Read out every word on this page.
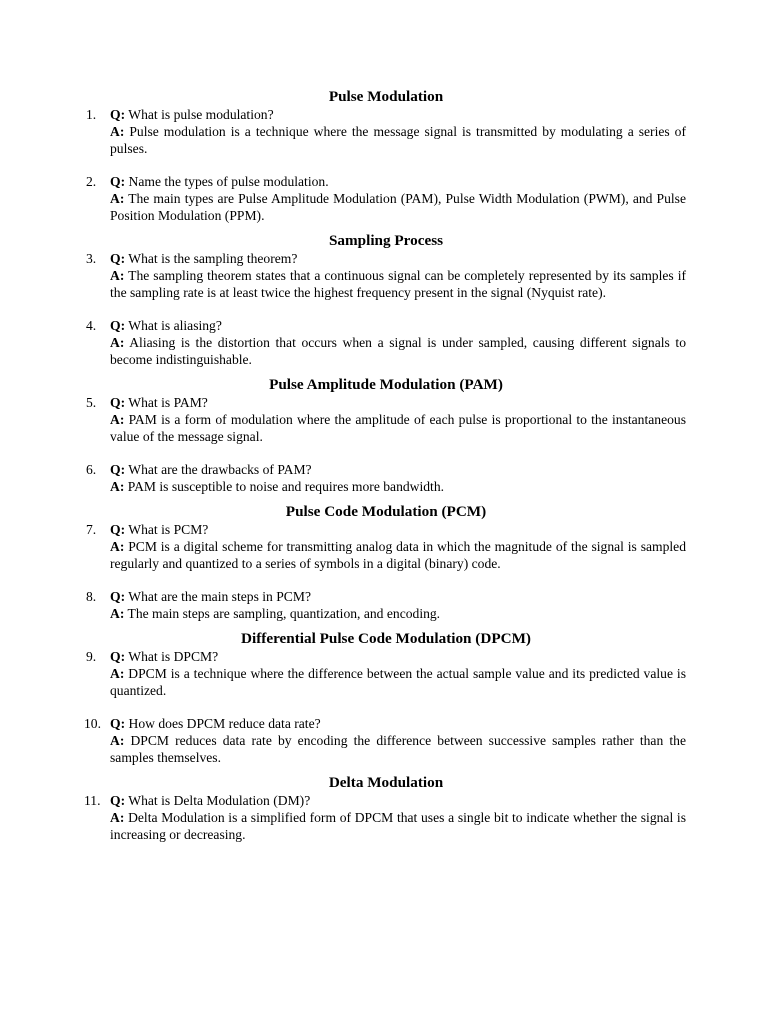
Pulse Modulation
1.	Q: What is pulse modulation?
A: Pulse modulation is a technique where the message signal is transmitted by modulating a series of pulses.
2.	Q: Name the types of pulse modulation.
A: The main types are Pulse Amplitude Modulation (PAM), Pulse Width Modulation (PWM), and Pulse Position Modulation (PPM).
Sampling Process
3.	Q: What is the sampling theorem?
A: The sampling theorem states that a continuous signal can be completely represented by its samples if the sampling rate is at least twice the highest frequency present in the signal (Nyquist rate).
4.	Q: What is aliasing?
A: Aliasing is the distortion that occurs when a signal is under sampled, causing different signals to become indistinguishable.
Pulse Amplitude Modulation (PAM)
5.	Q: What is PAM?
A: PAM is a form of modulation where the amplitude of each pulse is proportional to the instantaneous value of the message signal.
6.	Q: What are the drawbacks of PAM?
A: PAM is susceptible to noise and requires more bandwidth.
Pulse Code Modulation (PCM)
7.	Q: What is PCM?
A: PCM is a digital scheme for transmitting analog data in which the magnitude of the signal is sampled regularly and quantized to a series of symbols in a digital (binary) code.
8.	Q: What are the main steps in PCM?
A: The main steps are sampling, quantization, and encoding.
Differential Pulse Code Modulation (DPCM)
9.	Q: What is DPCM?
A: DPCM is a technique where the difference between the actual sample value and its predicted value is quantized.
10. Q: How does DPCM reduce data rate?
A: DPCM reduces data rate by encoding the difference between successive samples rather than the samples themselves.
Delta Modulation
11. Q: What is Delta Modulation (DM)?
A: Delta Modulation is a simplified form of DPCM that uses a single bit to indicate whether the signal is increasing or decreasing.
